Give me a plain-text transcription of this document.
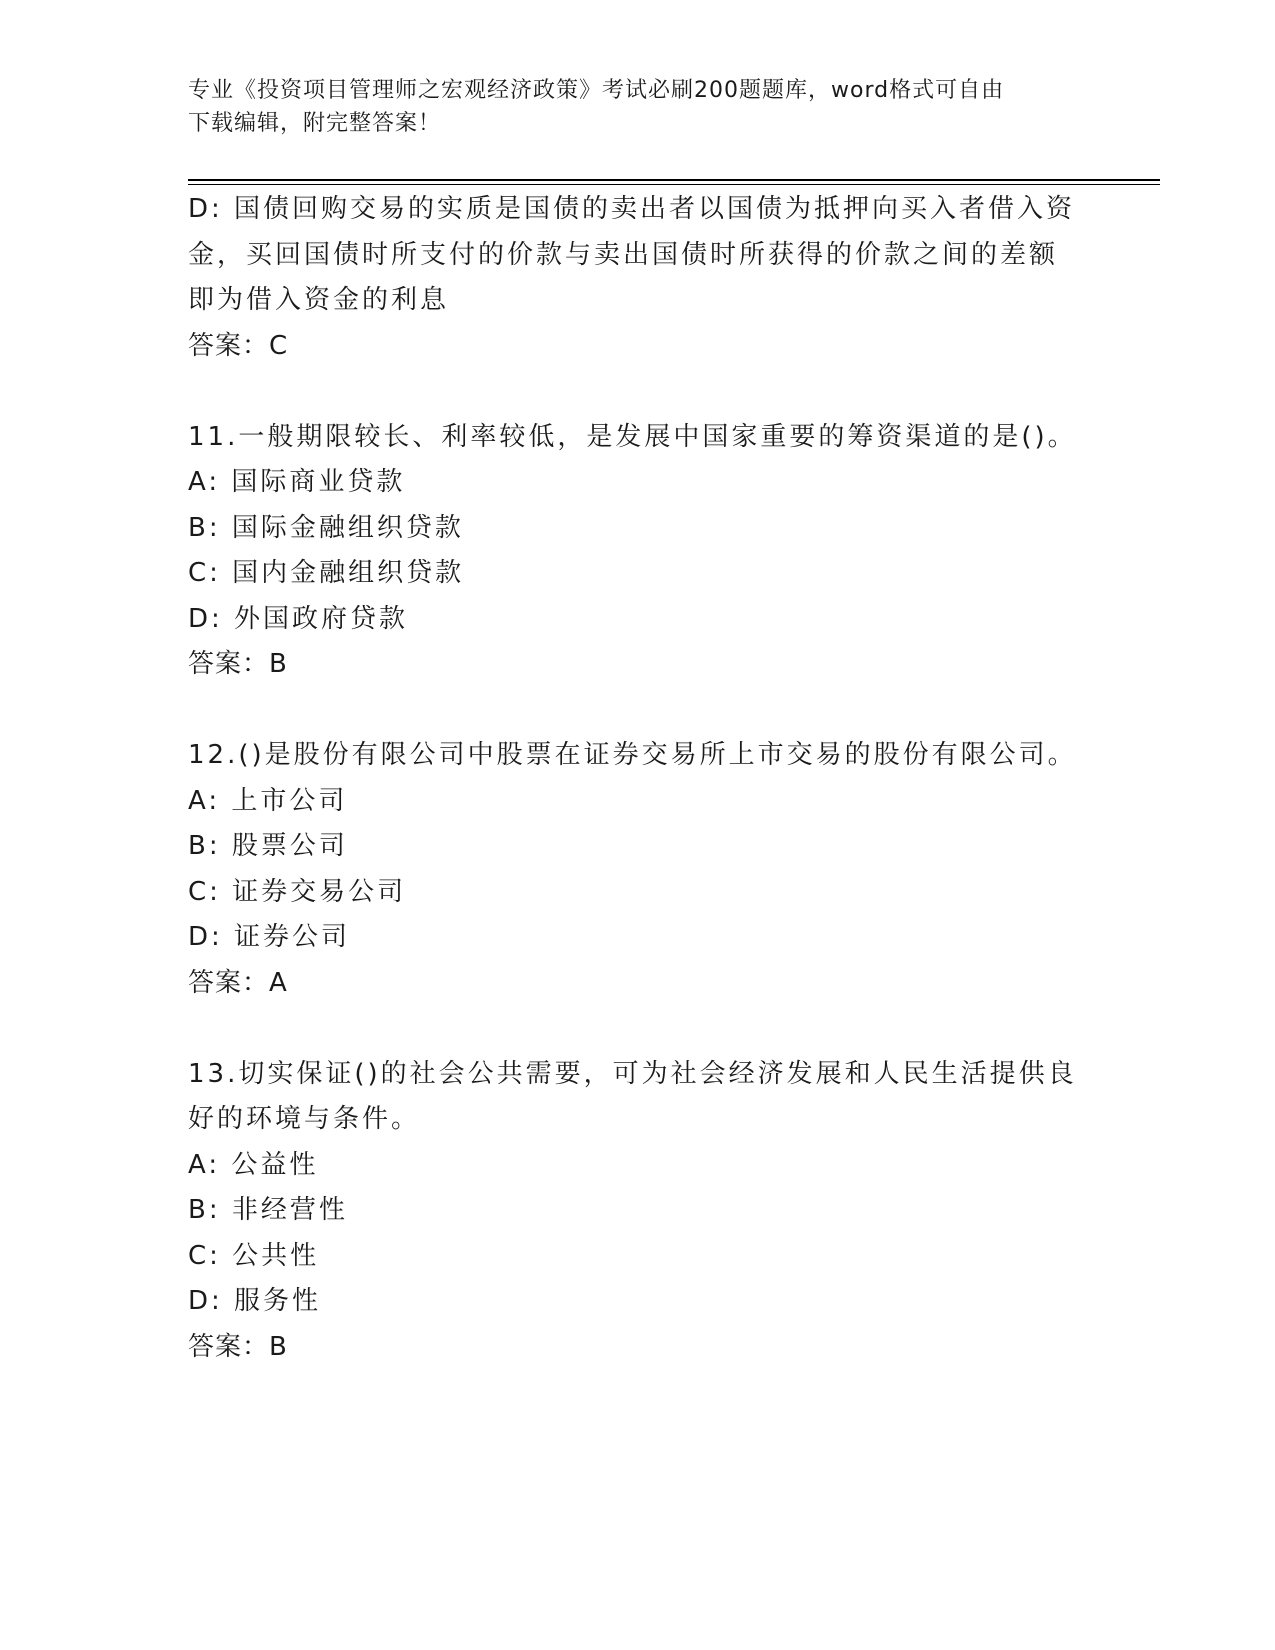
专业《投资项目管理师之宏观经济政策》考试必刷200题题库，word格式可自由
下载编辑，附完整答案！
D: 国债回购交易的实质是国债的卖出者以国债为抵押向买入者借入资
金，买回国债时所支付的价款与卖出国债时所获得的价款之间的差额
即为借入资金的利息
答案：C
11.一般期限较长、利率较低，是发展中国家重要的筹资渠道的是()。
A: 国际商业贷款
B: 国际金融组织贷款
C: 国内金融组织贷款
D: 外国政府贷款
答案：B
12.()是股份有限公司中股票在证券交易所上市交易的股份有限公司。
A: 上市公司
B: 股票公司
C: 证券交易公司
D: 证券公司
答案：A
13.切实保证()的社会公共需要，可为社会经济发展和人民生活提供良
好的环境与条件。
A: 公益性
B: 非经营性
C: 公共性
D: 服务性
答案：B
